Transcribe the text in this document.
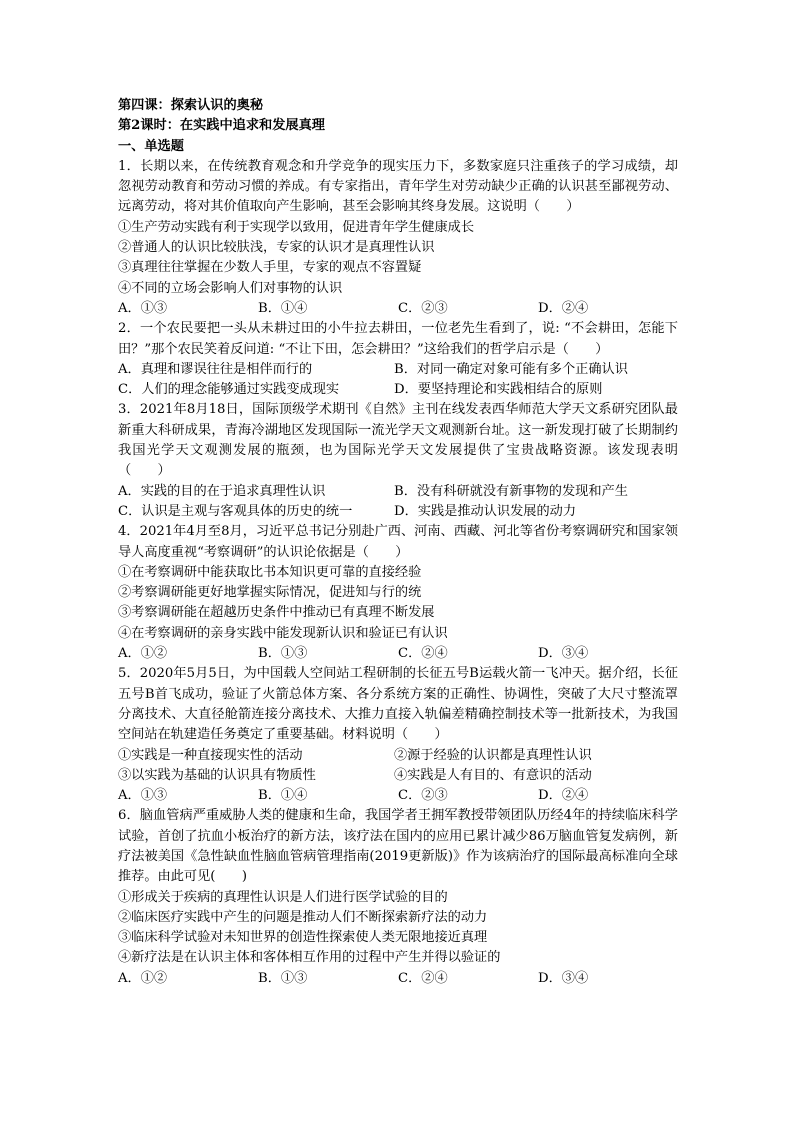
第四课：探索认识的奥秘
第2课时：在实践中追求和发展真理
一、单选题
1．长期以来，在传统教育观念和升学竞争的现实压力下，多数家庭只注重孩子的学习成绩，却忽视劳动教育和劳动习惯的养成。有专家指出，青年学生对劳动缺少正确的认识甚至鄙视劳动、远离劳动，将对其价值取向产生影响，甚至会影响其终身发展。这说明（　　）
①生产劳动实践有利于实现学以致用，促进青年学生健康成长
②普通人的认识比较肤浅，专家的认识才是真理性认识
③真理往往掌握在少数人手里，专家的观点不容置疑
④不同的立场会影响人们对事物的认识
A．①③	B．①④	C．②③	D．②④
2．一个农民要把一头从未耕过田的小牛拉去耕田，一位老先生看到了，说: “不会耕田，怎能下田？”那个农民笑着反问道: “不让下田，怎会耕田？”这给我们的哲学启示是（　　）
A．真理和谬误往往是相伴而行的	B．对同一确定对象可能有多个正确认识
C．人们的理念能够通过实践变成现实	D．要坚持理论和实践相结合的原则
3．2021年8月18日，国际顶级学术期刊《自然》主刊在线发表西华师范大学天文系研究团队最新重大科研成果，青海冷湖地区发现国际一流光学天文观测新台址。这一新发现打破了长期制约我国光学天文观测发展的瓶颈，也为国际光学天文发展提供了宝贵战略资源。该发现表明（　　）
A．实践的目的在于追求真理性认识	B．没有科研就没有新事物的发现和产生
C．认识是主观与客观具体的历史的统一	D．实践是推动认识发展的动力
4．2021年4月至8月，习近平总书记分别赴广西、河南、西藏、河北等省份考察调研究和国家领导人高度重视“考察调研”的认识论依据是（　　）
①在考察调研中能获取比书本知识更可靠的直接经验
②考察调研能更好地掌握实际情况，促进知与行的统
③考察调研能在超越历史条件中推动已有真理不断发展
④在考察调研的亲身实践中能发现新认识和验证已有认识
A．①②	B．①③	C．②④	D．③④
5．2020年5月5日，为中国载人空间站工程研制的长征五号B运载火箭一飞冲天。据介绍，长征五号B首飞成功，验证了火箭总体方案、各分系统方案的正确性、协调性，突破了大尺寸整流罩分离技术、大直径舱箭连接分离技术、大推力直接入轨偏差精确控制技术等一批新技术，为我国空间站在轨建造任务奠定了重要基础。材料说明（　　）
①实践是一种直接现实性的活动	②源于经验的认识都是真理性认识
③以实践为基础的认识具有物质性	④实践是人有目的、有意识的活动
A．①③	B．①④	C．②③	D．②④
6．脑血管病严重威胁人类的健康和生命，我国学者王拥军教授带领团队历经4年的持续临床科学试验，首创了抗血小板治疗的新方法，该疗法在国内的应用已累计减少86万脑血管复发病例，新疗法被美国《急性缺血性脑血管病管理指南(2019更新版)》作为该病治疗的国际最高标准向全球推荐。由此可见(　　)
①形成关于疾病的真理性认识是人们进行医学试验的目的
②临床医疗实践中产生的问题是推动人们不断探索新疗法的动力
③临床科学试验对未知世界的创造性探索使人类无限地接近真理
④新疗法是在认识主体和客体相互作用的过程中产生并得以验证的
A．①②	B．①③	C．②④	D．③④
